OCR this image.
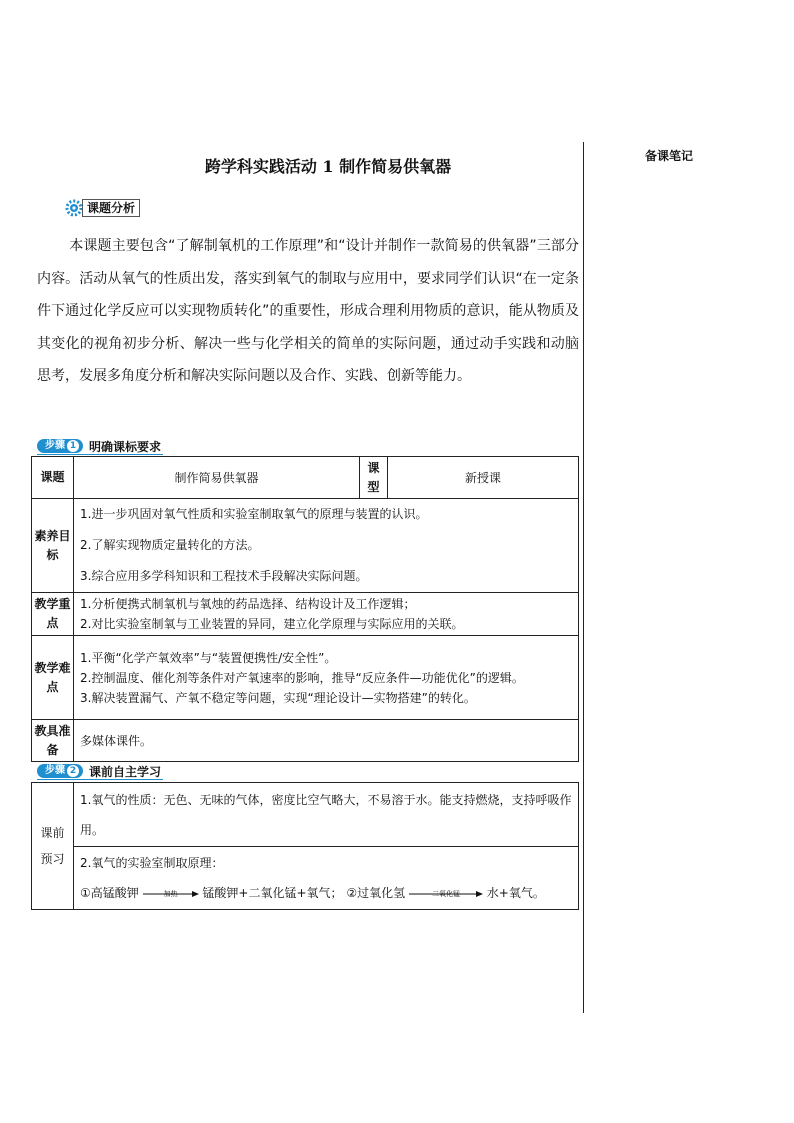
备课笔记
跨学科实践活动 1 制作简易供氧器
课题分析

本课题主要包含“了解制氧机的工作原理”和“设计并制作一款简易的供氧器”三部分内容。活动从氧气的性质出发，落实到氧气的制取与应用中，要求同学们认识“在一定条件下通过化学反应可以实现物质转化”的重要性，形成合理利用物质的意识，能从物质及其变化的视角初步分析、解决一些与化学相关的简单的实际问题，通过动手实践和动脑思考，发展多角度分析和解决实际问题以及合作、实践、创新等能力。

步骤 1 明确课标要求
课题	制作简易供氧器	课型	新授课
素养目标	1.进一步巩固对氧气性质和实验室制取氧气的原理与装置的认识。
2.了解实现物质定量转化的方法。
3.综合应用多学科知识和工程技术手段解决实际问题。		

教学重点	1.分析便携式制氧机与氧烛的药品选择、结构设计及工作逻辑；
2.对比实验室制氧与工业装置的异同，建立化学原理与实际应用的关联。		

教学难点	1.平衡“化学产氧效率”与“装置便携性/安全性”。
2.控制温度、催化剂等条件对产氧速率的影响，推导“反应条件—功能优化”的逻辑。
3.解决装置漏气、产氧不稳定等问题，实现“理论设计—实物搭建”的转化。		

教具准备	多媒体课件。		
步骤 2 课前自主学习
课前预习	1.氧气的性质：无色、无味的气体，密度比空气略大，不易溶于水。能支持燃烧，支持呼吸作用。

2.氧气的实验室制取原理：
①高锰酸钾	加热	锰酸钾+二氧化锰+氧气； ②过氧化氢	二氧化锰	水+氧气。
